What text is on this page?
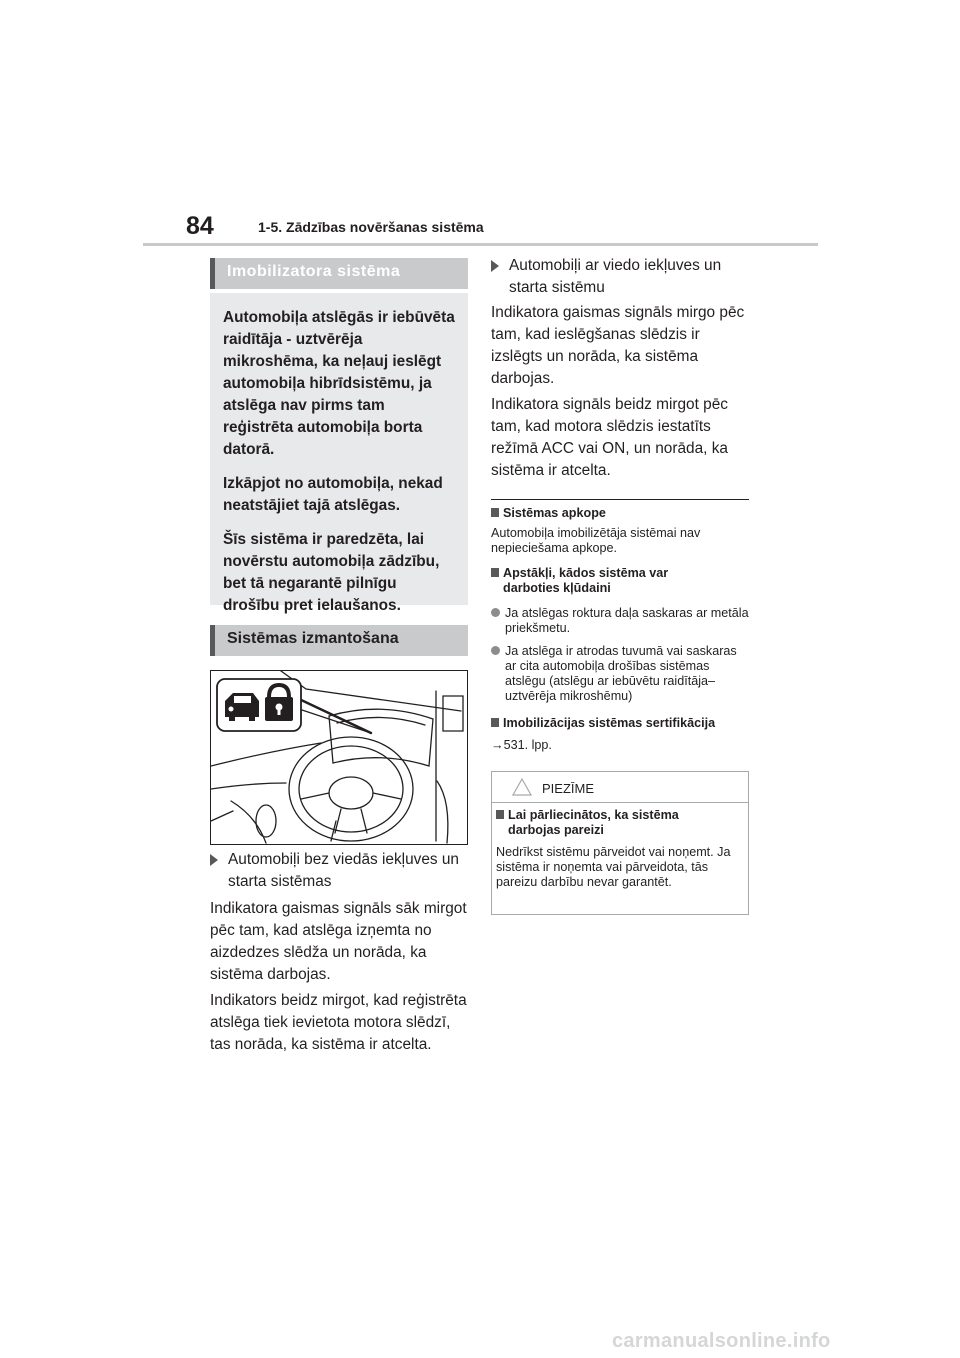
84	1-5. Zādzības novēršanas sistēma
Imobilizatora sistēma

Automobiļa atslēgās ir iebūvēta raidītāja - uztvērēja mikroshēma, ka neļauj ieslēgt automobiļa hibrīdsistēmu, ja atslēga nav pirms tam reģistrēta automobiļa borta datorā.

Izkāpjot no automobiļa, nekad neatstājiet tajā atslēgas.

Šīs sistēma ir paredzēta, lai novērstu automobiļa zādzību, bet tā negarantē pilnīgu drošību pret ielaušanos.

Sistēmas izmantošana
Automobiļi bez viedās iekļuves un starta sistēmas
Indikatora gaismas signāls sāk mirgot pēc tam, kad atslēga izņemta no aizdedzes slēdža un norāda, ka sistēma darbojas.
Indikators beidz mirgot, kad reģistrēta atslēga tiek ievietota motora slēdzī, tas norāda, ka sistēma ir atcelta.
Automobiļi ar viedo iekļuves un starta sistēmu
Indikatora gaismas signāls mirgo pēc tam, kad ieslēgšanas slēdzis ir izslēgts un norāda, ka sistēma darbojas.
Indikatora signāls beidz mirgot pēc tam, kad motora slēdzis iestatīts režīmā ACC vai ON, un norāda, ka sistēma ir atcelta.
Sistēmas apkope
Automobiļa imobilizētāja sistēmai nav nepieciešama apkope.
Apstākļi, kādos sistēma var
darboties kļūdaini
Ja atslēgas roktura daļa saskaras ar metāla priekšmetu.
Ja atslēga ir atrodas tuvumā vai saskaras ar cita automobiļa drošības sistēmas atslēgu (atslēgu ar iebūvētu raidītāja–uztvērēja mikroshēmu)
Imobilizācijas sistēmas sertifikācija
→531. lpp.
PIEZĪME
Lai pārliecinātos, ka sistēma
darbojas pareizi
Nedrīkst sistēmu pārveidot vai noņemt. Ja sistēma ir noņemta vai pārveidota, tās pareizu darbību nevar garantēt.
carmanualsonline.info
